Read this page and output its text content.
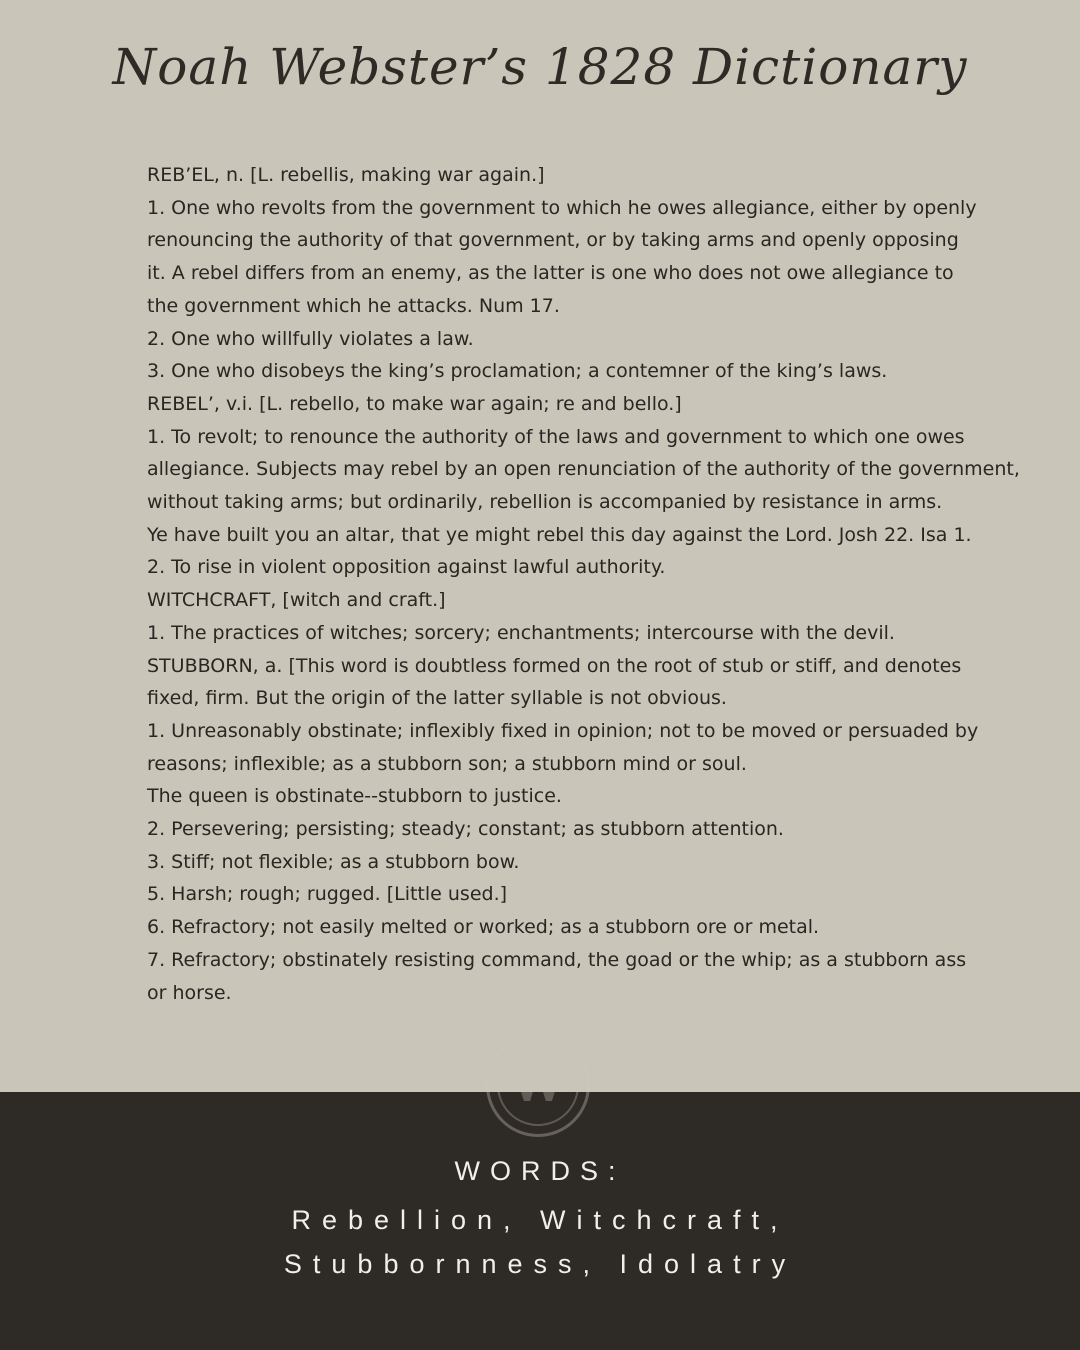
Noah Webster’s 1828 Dictionary
REB’EL, n. [L. rebellis, making war again.]
1. One who revolts from the government to which he owes allegiance, either by openly
renouncing the authority of that government, or by taking arms and openly opposing
it. A rebel differs from an enemy, as the latter is one who does not owe allegiance to
the government which he attacks. Num 17.
2. One who willfully violates a law.
3. One who disobeys the king’s proclamation; a contemner of the king’s laws.
REBEL’, v.i. [L. rebello, to make war again; re and bello.]
1. To revolt; to renounce the authority of the laws and government to which one owes
allegiance. Subjects may rebel by an open renunciation of the authority of the government,
without taking arms; but ordinarily, rebellion is accompanied by resistance in arms.
Ye have built you an altar, that ye might rebel this day against the Lord. Josh 22. Isa 1.
2. To rise in violent opposition against lawful authority.
WITCHCRAFT, [witch and craft.]
1. The practices of witches; sorcery; enchantments; intercourse with the devil.
STUBBORN, a. [This word is doubtless formed on the root of stub or stiff, and denotes
fixed, firm. But the origin of the latter syllable is not obvious.
1. Unreasonably obstinate; inflexibly fixed in opinion; not to be moved or persuaded by
reasons; inflexible; as a stubborn son; a stubborn mind or soul.
The queen is obstinate--stubborn to justice.
2. Persevering; persisting; steady; constant; as stubborn attention.
3. Stiff; not flexible; as a stubborn bow.
5. Harsh; rough; rugged. [Little used.]
6. Refractory; not easily melted or worked; as a stubborn ore or metal.
7. Refractory; obstinately resisting command, the goad or the whip; as a stubborn ass
or horse.
W
WORDS:
Rebellion, Witchcraft, Stubbornness, Idolatry
